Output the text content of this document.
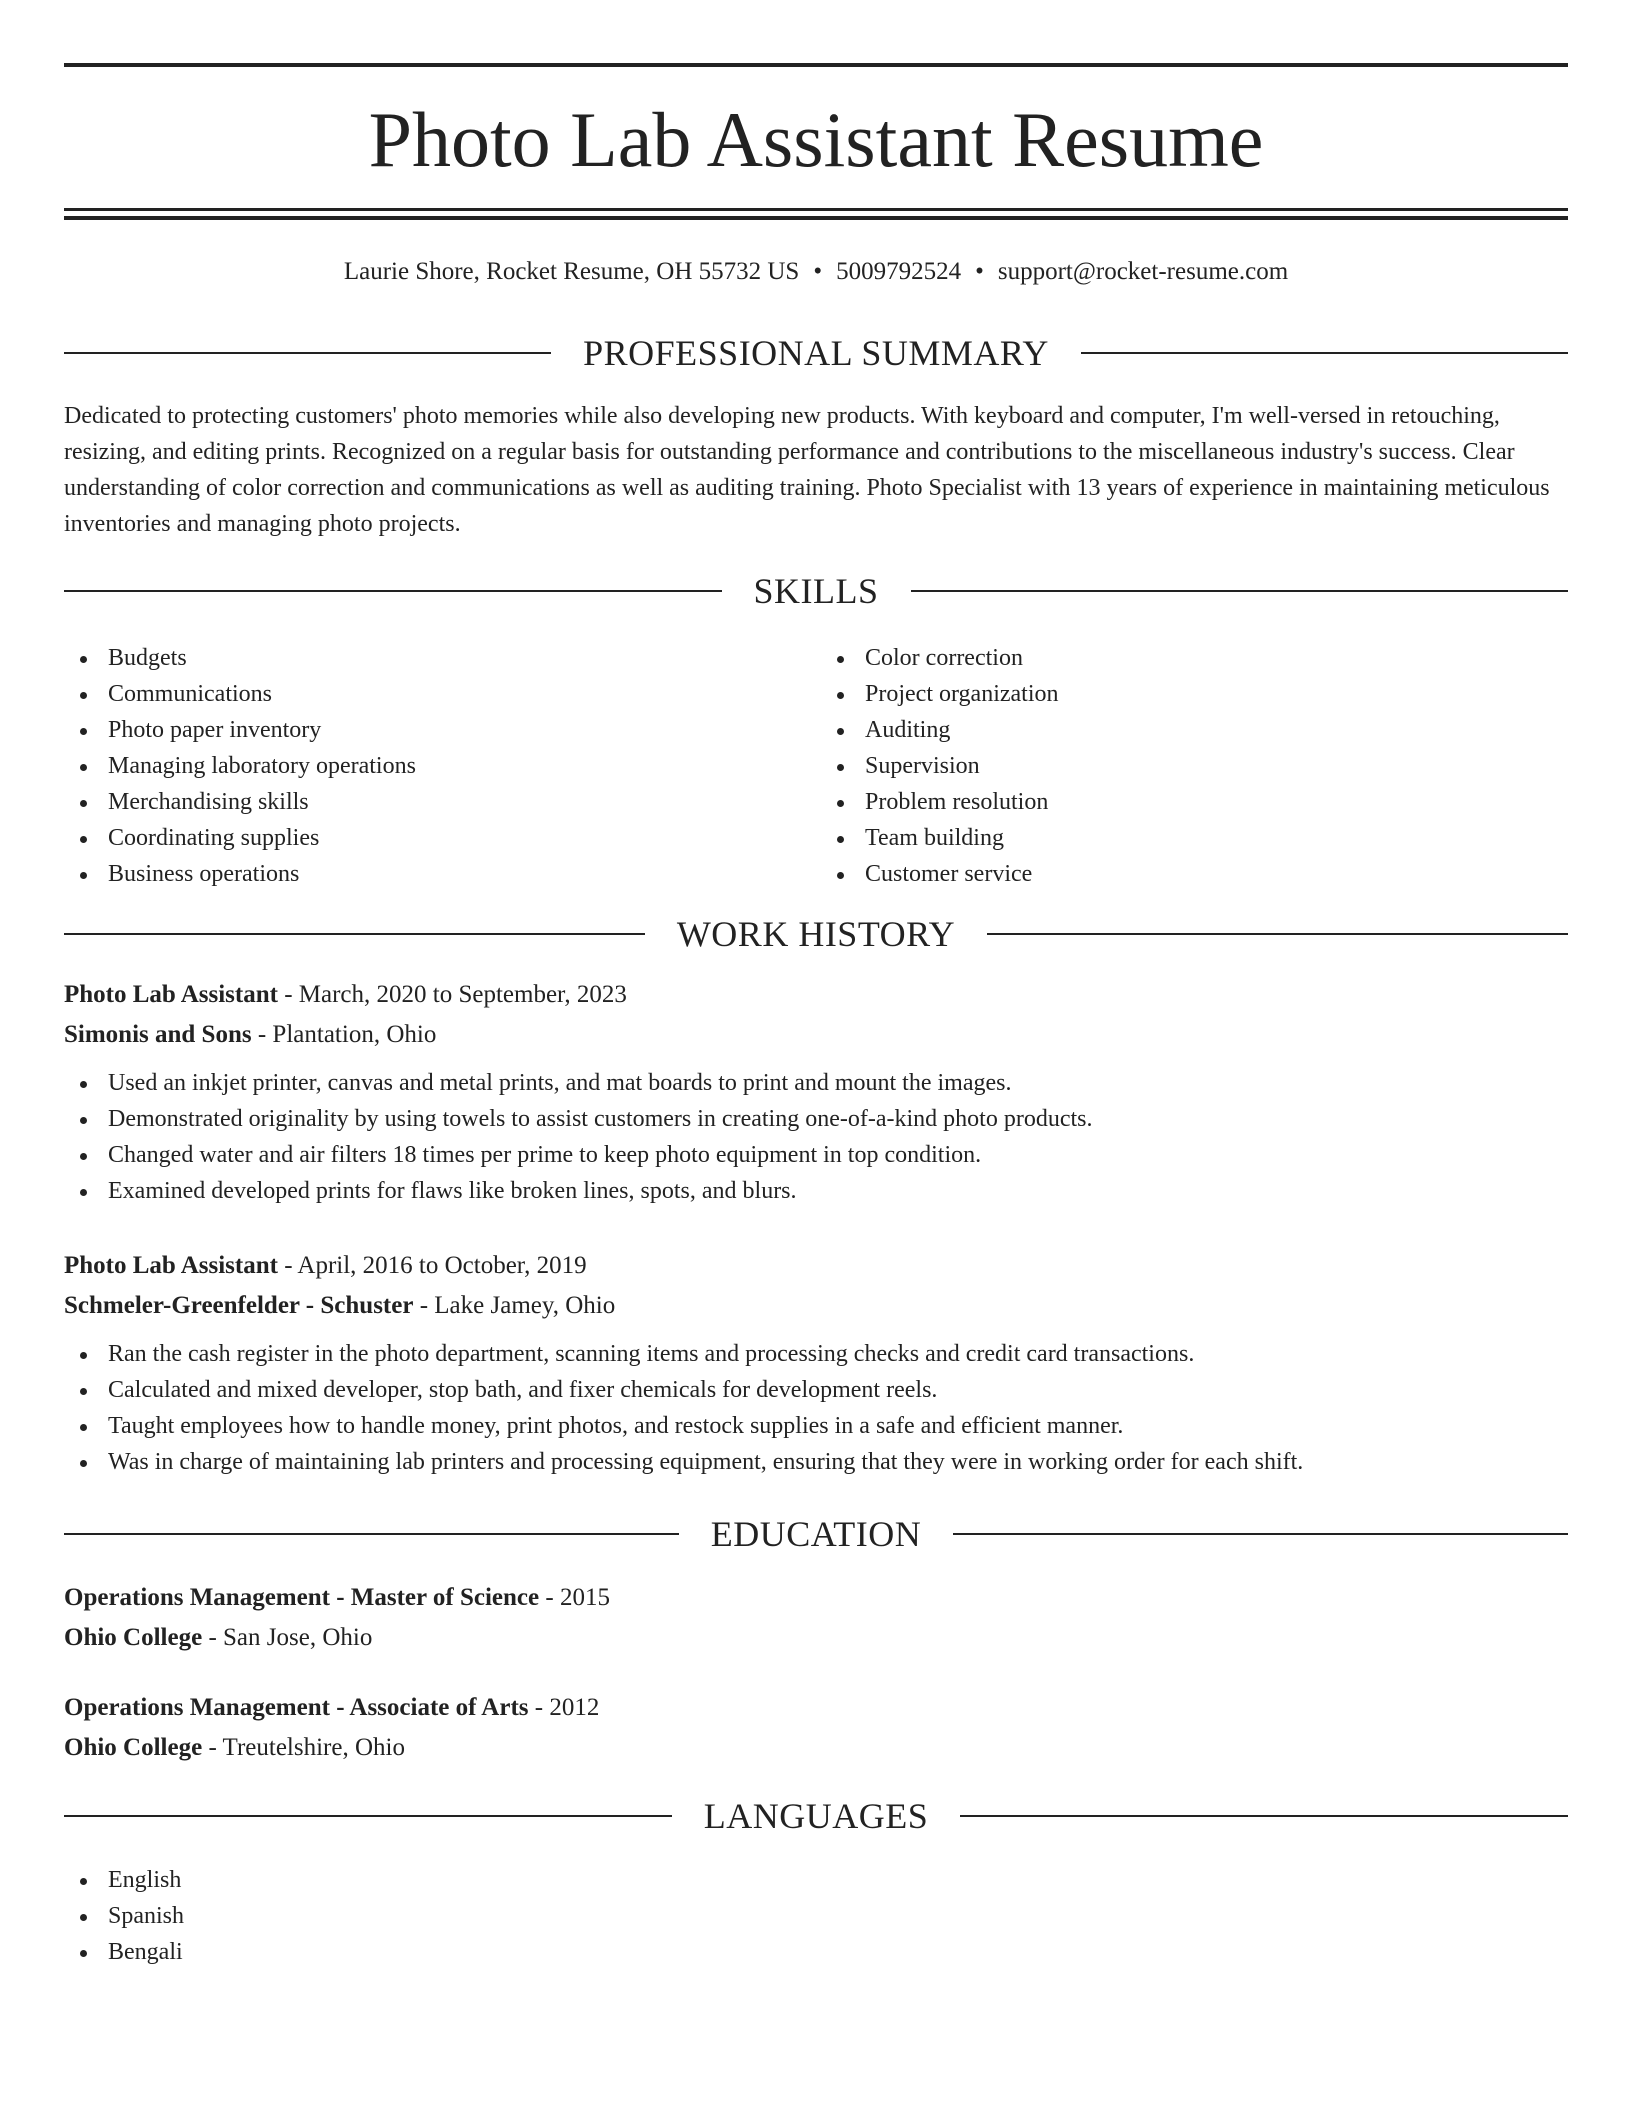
Photo Lab Assistant Resume
Laurie Shore, Rocket Resume, OH 55732 US • 5009792524 • support@rocket-resume.com
PROFESSIONAL SUMMARY

Dedicated to protecting customers' photo memories while also developing new products. With keyboard and computer, I'm well-versed in retouching, resizing, and editing prints. Recognized on a regular basis for outstanding performance and contributions to the miscellaneous industry's success. Clear understanding of color correction and communications as well as auditing training. Photo Specialist with 13 years of experience in maintaining meticulous inventories and managing photo projects.

SKILLS
Budgets
Communications
Photo paper inventory
Managing laboratory operations
Merchandising skills
Coordinating supplies
Business operations
Color correction
Project organization
Auditing
Supervision
Problem resolution
Team building
Customer service
WORK HISTORY
Photo Lab Assistant - March, 2020 to September, 2023
Simonis and Sons - Plantation, Ohio
Used an inkjet printer, canvas and metal prints, and mat boards to print and mount the images.
Demonstrated originality by using towels to assist customers in creating one-of-a-kind photo products.
Changed water and air filters 18 times per prime to keep photo equipment in top condition.
Examined developed prints for flaws like broken lines, spots, and blurs.
Photo Lab Assistant - April, 2016 to October, 2019
Schmeler-Greenfelder - Schuster - Lake Jamey, Ohio
Ran the cash register in the photo department, scanning items and processing checks and credit card transactions.
Calculated and mixed developer, stop bath, and fixer chemicals for development reels.
Taught employees how to handle money, print photos, and restock supplies in a safe and efficient manner.
Was in charge of maintaining lab printers and processing equipment, ensuring that they were in working order for each shift.
EDUCATION
Operations Management - Master of Science - 2015
Ohio College - San Jose, Ohio
Operations Management - Associate of Arts - 2012
Ohio College - Treutelshire, Ohio
LANGUAGES
English
Spanish
Bengali
